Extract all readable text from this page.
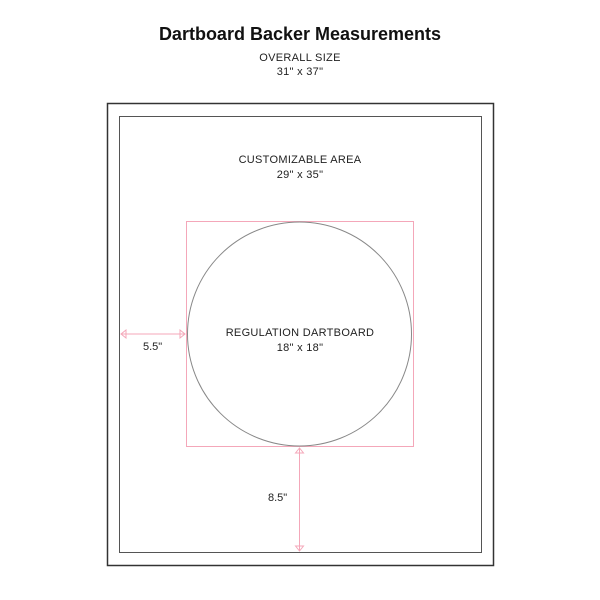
Dartboard Backer Measurements
OVERALL SIZE
31" x 37"
CUSTOMIZABLE AREA
29" x 35"
REGULATION DARTBOARD
18" x 18"
5.5"
8.5"
